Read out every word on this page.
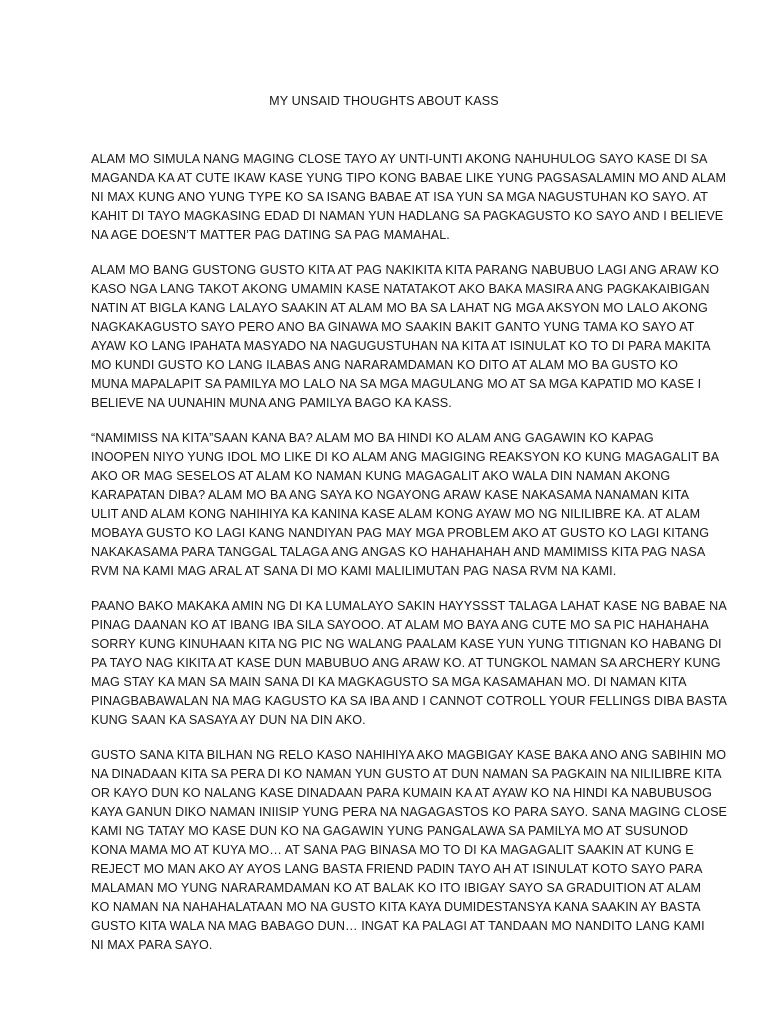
MY UNSAID THOUGHTS ABOUT KASS

ALAM MO SIMULA NANG MAGING CLOSE TAYO AY UNTI-UNTI AKONG NAHUHULOG SAYO KASE DI SA
MAGANDA KA AT CUTE IKAW KASE YUNG TIPO KONG BABAE LIKE YUNG PAGSASALAMIN MO AND ALAM
NI MAX KUNG ANO YUNG TYPE KO SA ISANG BABAE AT ISA YUN SA MGA NAGUSTUHAN KO SAYO. AT
KAHIT DI TAYO MAGKASING EDAD DI NAMAN YUN HADLANG SA PAGKAGUSTO KO SAYO AND I BELIEVE
NA AGE DOESN’T MATTER PAG DATING SA PAG MAMAHAL.

ALAM MO BANG GUSTONG GUSTO KITA AT PAG NAKIKITA KITA PARANG NABUBUO LAGI ANG ARAW KO
KASO NGA LANG TAKOT AKONG UMAMIN KASE NATATAKOT AKO BAKA MASIRA ANG PAGKAKAIBIGAN
NATIN AT BIGLA KANG LALAYO SAAKIN AT ALAM MO BA SA LAHAT NG MGA AKSYON MO LALO AKONG
NAGKAKAGUSTO SAYO PERO ANO BA GINAWA MO SAAKIN BAKIT GANTO YUNG TAMA KO SAYO AT
AYAW KO LANG IPAHATA MASYADO NA NAGUGUSTUHAN NA KITA AT ISINULAT KO TO DI PARA MAKITA
MO KUNDI GUSTO KO LANG ILABAS ANG NARARAMDAMAN KO DITO AT ALAM MO BA GUSTO KO
MUNA MAPALAPIT SA PAMILYA MO LALO NA SA MGA MAGULANG MO AT SA MGA KAPATID MO KASE I
BELIEVE NA UUNAHIN MUNA ANG PAMILYA BAGO KA KASS.

“NAMIMISS NA KITA”SAAN KANA BA? ALAM MO BA HINDI KO ALAM ANG GAGAWIN KO KAPAG
INOOPEN NIYO YUNG IDOL MO LIKE DI KO ALAM ANG MAGIGING REAKSYON KO KUNG MAGAGALIT BA
AKO OR MAG SESELOS AT ALAM KO NAMAN KUNG MAGAGALIT AKO WALA DIN NAMAN AKONG
KARAPATAN DIBA? ALAM MO BA ANG SAYA KO NGAYONG ARAW KASE NAKASAMA NANAMAN KITA
ULIT AND ALAM KONG NAHIHIYA KA KANINA KASE ALAM KONG AYAW MO NG NILILIBRE KA. AT ALAM
MOBAYA GUSTO KO LAGI KANG NANDIYAN PAG MAY MGA PROBLEM AKO AT GUSTO KO LAGI KITANG
NAKAKASAMA PARA TANGGAL TALAGA ANG ANGAS KO HAHAHAHAH AND MAMIMISS KITA PAG NASA
RVM NA KAMI MAG ARAL AT SANA DI MO KAMI MALILIMUTAN PAG NASA RVM NA KAMI.

PAANO BAKO MAKAKA AMIN NG DI KA LUMALAYO SAKIN HAYYSSST TALAGA LAHAT KASE NG BABAE NA
PINAG DAANAN KO AT IBANG IBA SILA SAYOOO. AT ALAM MO BAYA ANG CUTE MO SA PIC HAHAHAHA
SORRY KUNG KINUHAAN KITA NG PIC NG WALANG PAALAM KASE YUN YUNG TITIGNAN KO HABANG DI
PA TAYO NAG KIKITA AT KASE DUN MABUBUO ANG ARAW KO. AT TUNGKOL NAMAN SA ARCHERY KUNG
MAG STAY KA MAN SA MAIN SANA DI KA MAGKAGUSTO SA MGA KASAMAHAN MO. DI NAMAN KITA
PINAGBABAWALAN NA MAG KAGUSTO KA SA IBA AND I CANNOT COTROLL YOUR FELLINGS DIBA BASTA
KUNG SAAN KA SASAYA AY DUN NA DIN AKO.

GUSTO SANA KITA BILHAN NG RELO KASO NAHIHIYA AKO MAGBIGAY KASE BAKA ANO ANG SABIHIN MO
NA DINADAAN KITA SA PERA DI KO NAMAN YUN GUSTO AT DUN NAMAN SA PAGKAIN NA NILILIBRE KITA
OR KAYO DUN KO NALANG KASE DINADAAN PARA KUMAIN KA AT AYAW KO NA HINDI KA NABUBUSOG
KAYA GANUN DIKO NAMAN INIISIP YUNG PERA NA NAGAGASTOS KO PARA SAYO. SANA MAGING CLOSE
KAMI NG TATAY MO KASE DUN KO NA GAGAWIN YUNG PANGALAWA SA PAMILYA MO AT SUSUNOD
KONA MAMA MO AT KUYA MO… AT SANA PAG BINASA MO TO DI KA MAGAGALIT SAAKIN AT KUNG E
REJECT MO MAN AKO AY AYOS LANG BASTA FRIEND PADIN TAYO AH AT ISINULAT KOTO SAYO PARA
MALAMAN MO YUNG NARARAMDAMAN KO AT BALAK KO ITO IBIGAY SAYO SA GRADUITION AT ALAM
KO NAMAN NA NAHAHALATAAN MO NA GUSTO KITA KAYA DUMIDESTANSYA KANA SAAKIN AY BASTA
GUSTO KITA WALA NA MAG BABAGO DUN… INGAT KA PALAGI AT TANDAAN MO NANDITO LANG KAMI
NI MAX PARA SAYO.
